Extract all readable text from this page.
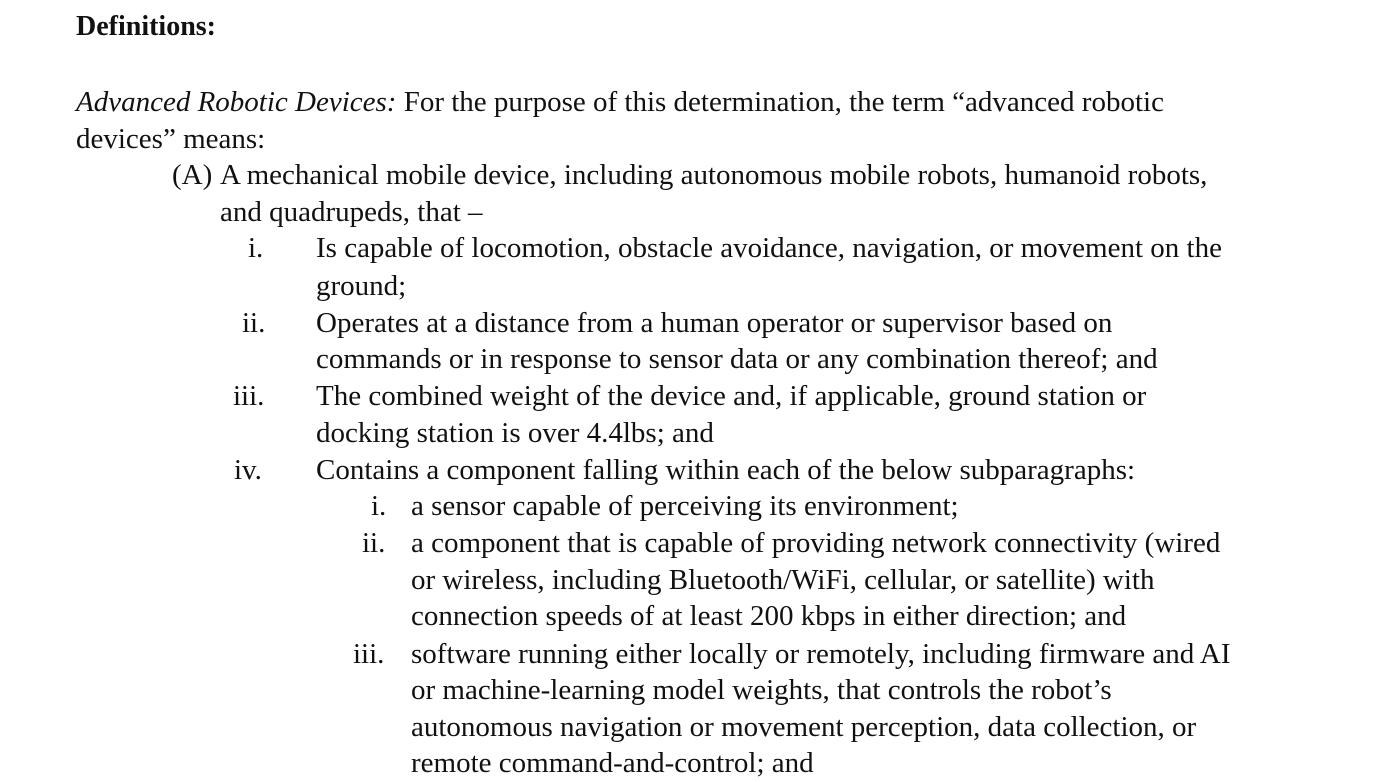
Definitions:
Advanced Robotic Devices: For the purpose of this determination, the term “advanced robotic
devices” means:
(A) A mechanical mobile device, including autonomous mobile robots, humanoid robots,
and quadrupeds, that –
i. Is capable of locomotion, obstacle avoidance, navigation, or movement on the
ground;
ii. Operates at a distance from a human operator or supervisor based on
commands or in response to sensor data or any combination thereof; and
iii. The combined weight of the device and, if applicable, ground station or
docking station is over 4.4lbs; and
iv. Contains a component falling within each of the below subparagraphs:
i. a sensor capable of perceiving its environment;
ii. a component that is capable of providing network connectivity (wired
or wireless, including Bluetooth/WiFi, cellular, or satellite) with
connection speeds of at least 200 kbps in either direction; and
iii. software running either locally or remotely, including firmware and AI
or machine-learning model weights, that controls the robot’s
autonomous navigation or movement perception, data collection, or
remote command-and-control; and
